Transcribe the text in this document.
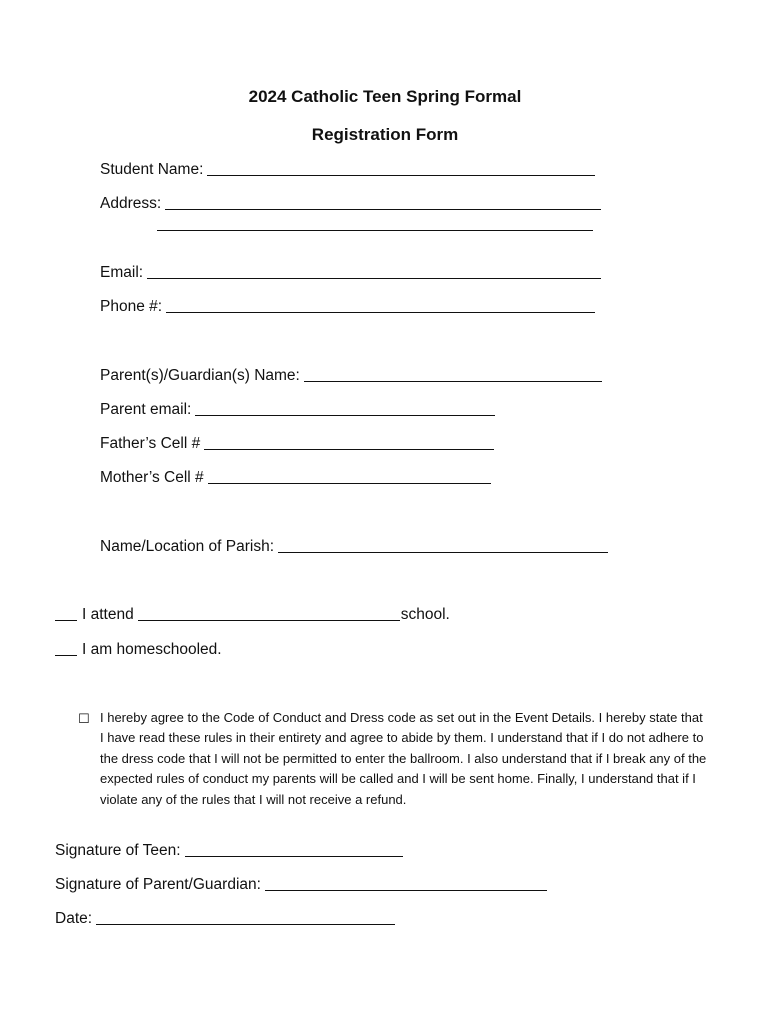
2024 Catholic Teen Spring Formal
Registration Form
Student Name:
Address:
Email:
Phone #:
Parent(s)/Guardian(s) Name:
Parent email:
Father’s Cell #
Mother’s Cell #
Name/Location of Parish:
I attend	school.
I am homeschooled.
☐ I hereby agree to the Code of Conduct and Dress code as set out in the Event Details. I hereby state that I have read these rules in their entirety and agree to abide by them. I understand that if I do not adhere to the dress code that I will not be permitted to enter the ballroom. I also understand that if I break any of the expected rules of conduct my parents will be called and I will be sent home. Finally, I understand that if I violate any of the rules that I will not receive a refund.
Signature of Teen:
Signature of Parent/Guardian:
Date:
